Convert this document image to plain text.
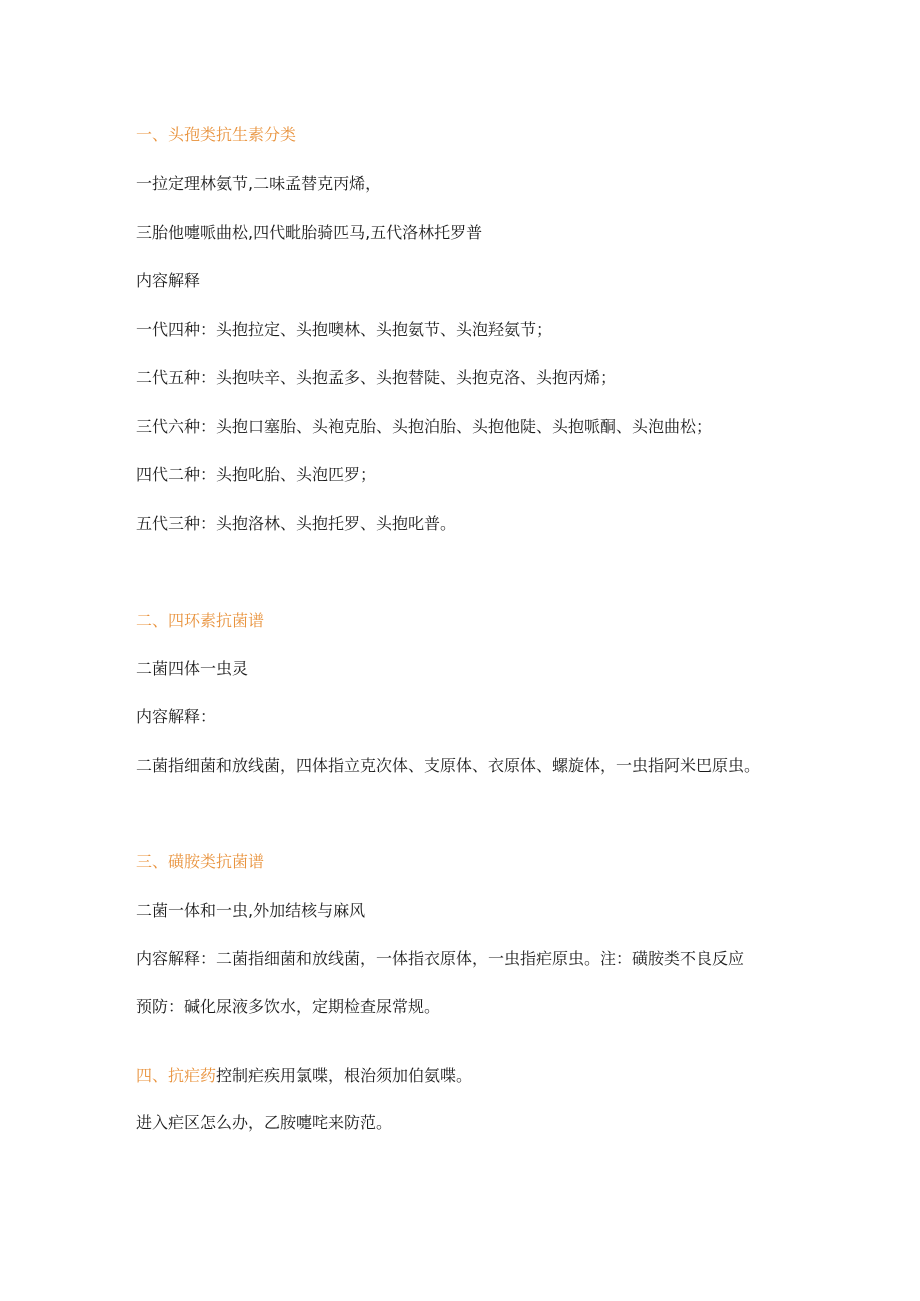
一、头孢类抗生素分类
一拉定理林氨节,二味孟替克丙烯，
三胎他嚏哌曲松,四代毗胎骑匹马,五代洛林托罗普
内容解释
一代四种：头抱拉定、头抱噢林、头抱氨节、头泡羟氨节；
二代五种：头抱呋辛、头抱孟多、头抱替陡、头抱克洛、头抱丙烯；
三代六种：头抱口塞胎、头袍克胎、头抱泊胎、头抱他陡、头抱哌酮、头泡曲松；
四代二种：头抱叱胎、头泡匹罗；
五代三种：头抱洛林、头抱托罗、头抱叱普。
二、四环素抗菌谱
二菌四体一虫灵
内容解释：
二菌指细菌和放线菌，四体指立克次体、支原体、衣原体、螺旋体，一虫指阿米巴原虫。
三、磺胺类抗菌谱
二菌一体和一虫,外加结核与麻风
内容解释：二菌指细菌和放线菌，一体指衣原体，一虫指疟原虫。注：磺胺类不良反应
预防：碱化尿液多饮水，定期检查尿常规。
四、抗疟药控制疟疾用氯喋，根治须加伯氨喋。
进入疟区怎么办，乙胺嚏咤来防范。
